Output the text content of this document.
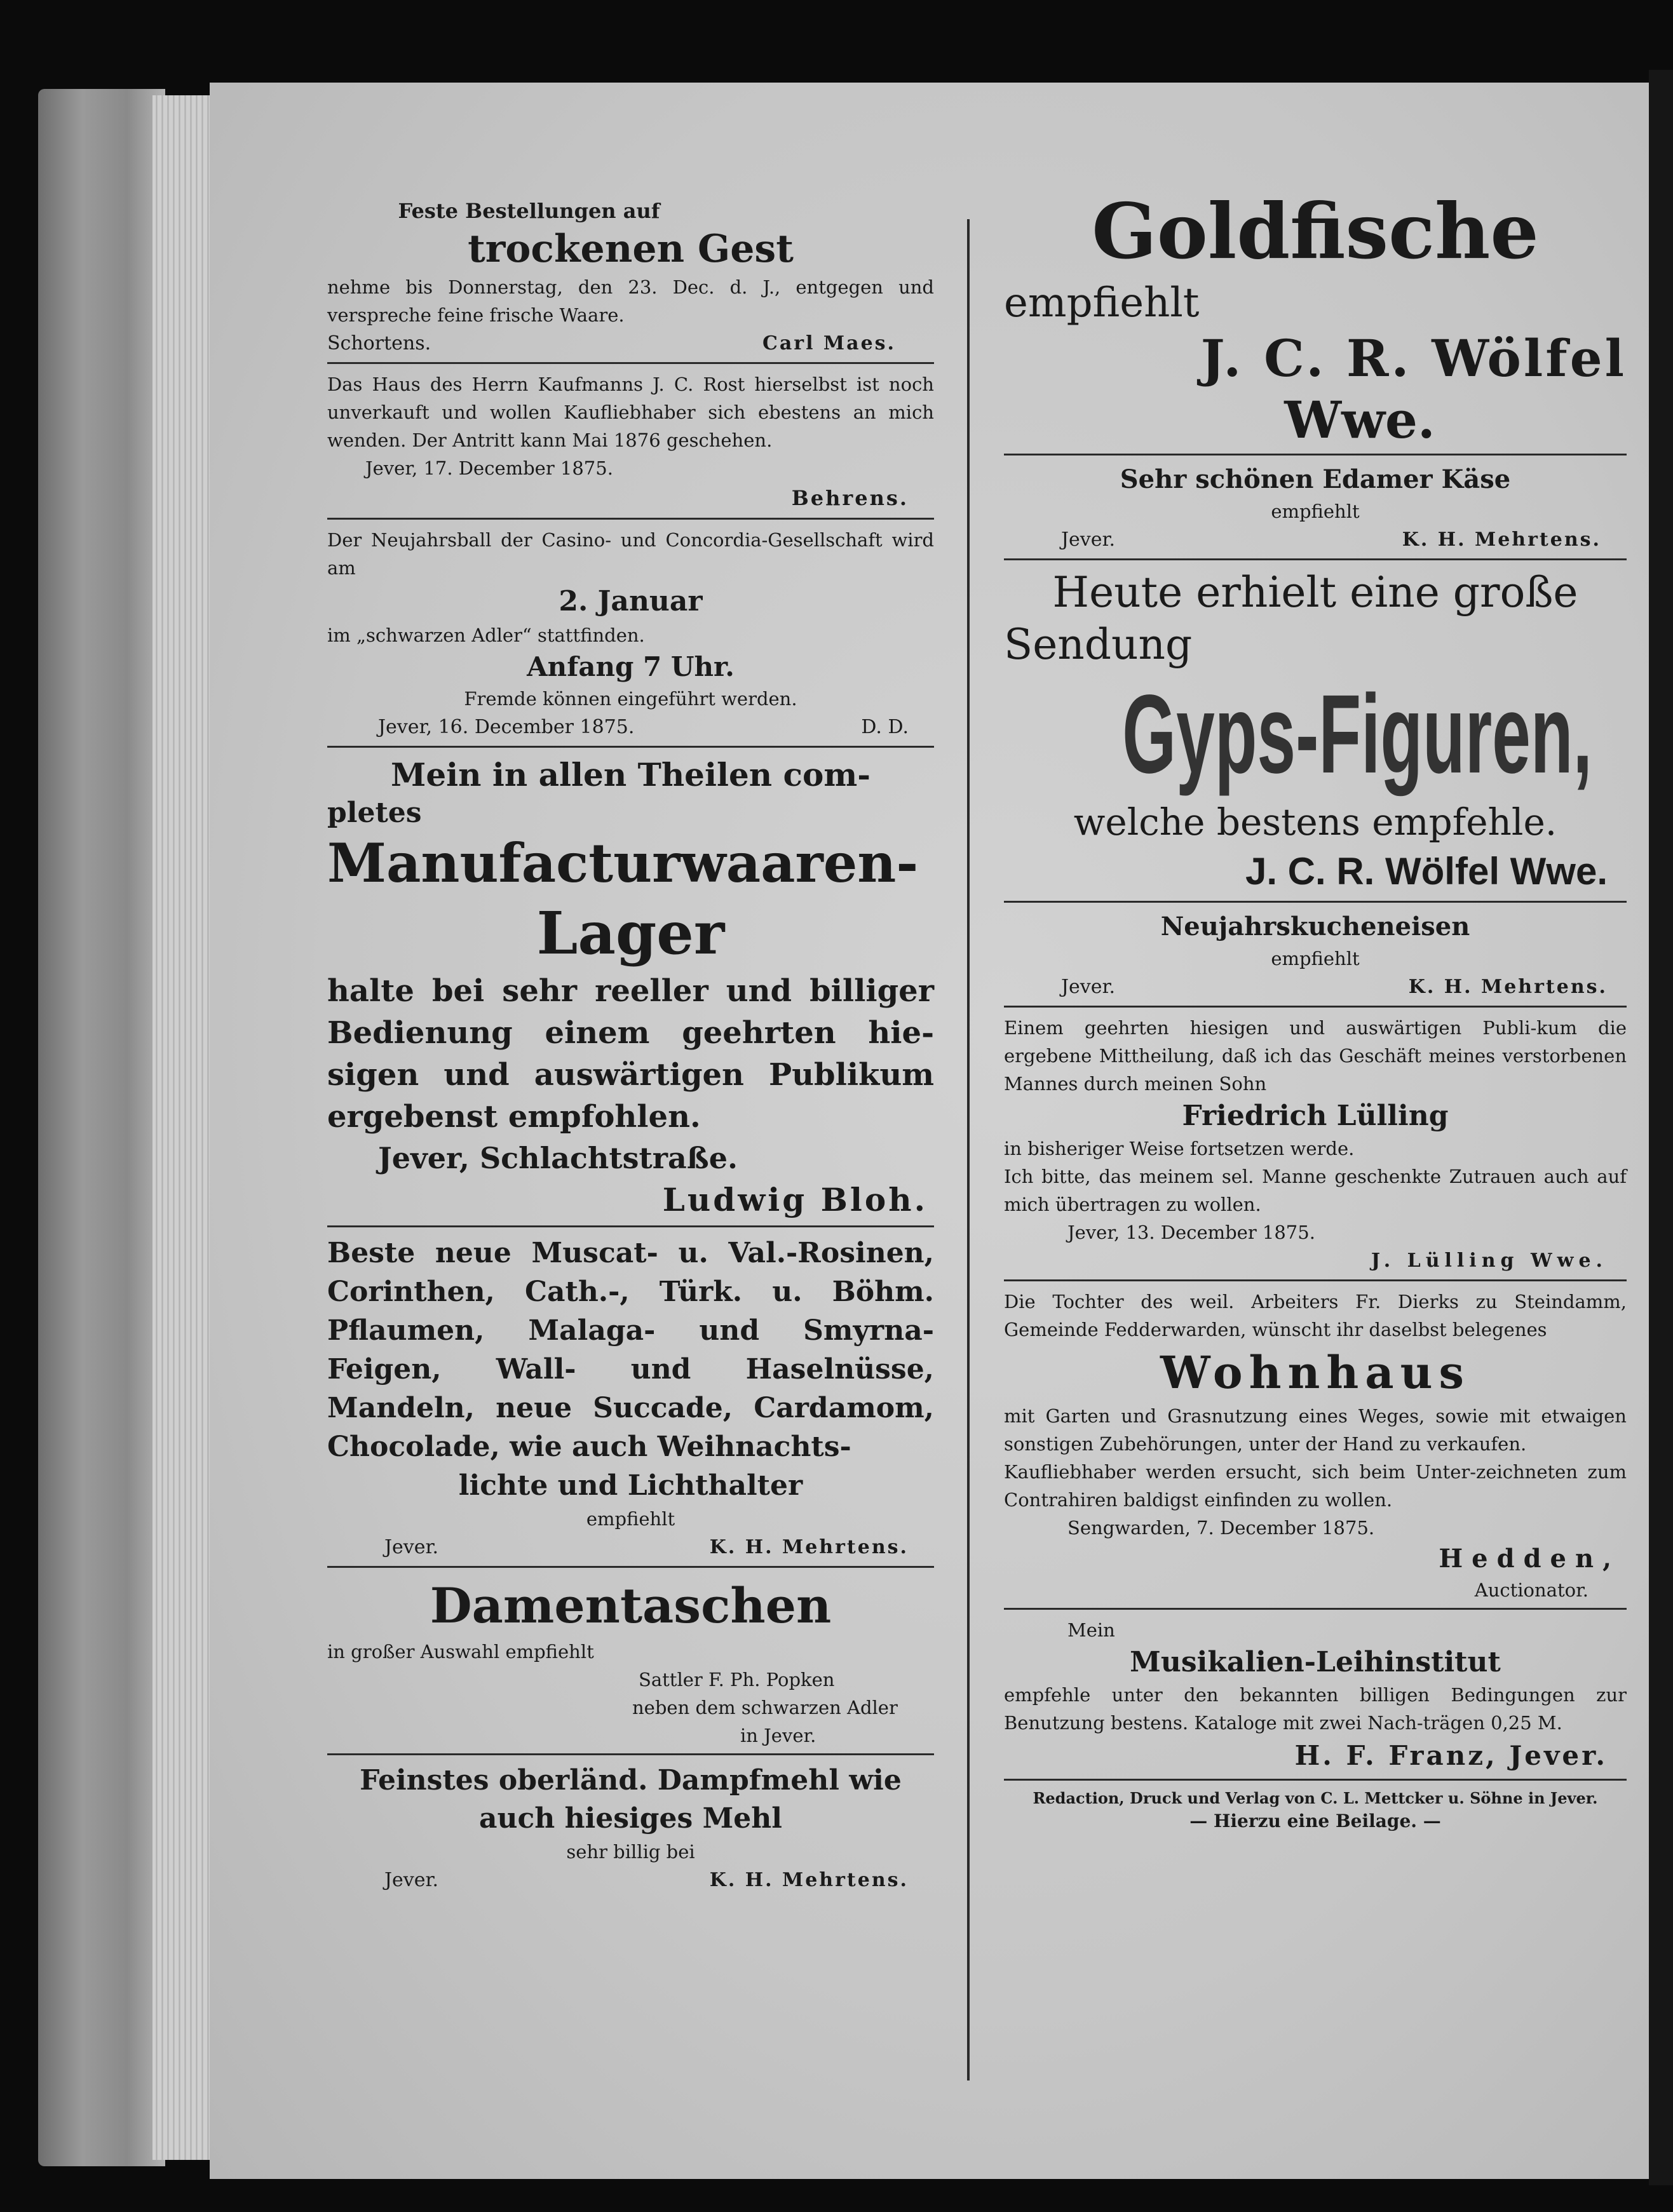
Feste Bestellungen auf
trockenen Gest
nehme bis Donnerstag, den 23. Dec. d. J., entgegen und verspreche feine frische Waare.
Schortens.	Carl Maes.
Das Haus des Herrn Kaufmanns J. C. Rost hierselbst ist noch unverkauft und wollen Kaufliebhaber sich ebestens an mich wenden. Der Antritt kann Mai 1876 geschehen.
Jever, 17. December 1875.
Behrens.
Der Neujahrsball der Casino- und Concordia-Gesellschaft wird am
2. Januar
im „schwarzen Adler“ stattfinden.
Anfang 7 Uhr.
Fremde können eingeführt werden.
Jever, 16. December 1875.	D. D.
Mein in allen Theilen com-
pletes
Manufacturwaaren-
Lager
halte bei sehr reeller und billiger Bedienung einem geehrten hie-sigen und auswärtigen Publikum ergebenst empfohlen.
Jever, Schlachtstraße.
Ludwig Bloh.
Beste neue Muscat- u. Val.-Rosinen, Corinthen, Cath.-, Türk. u. Böhm. Pflaumen, Malaga- und Smyrna-Feigen, Wall- und Haselnüsse, Mandeln, neue Succade, Cardamom, Chocolade, wie auch Weihnachts-
lichte und Lichthalter
empfiehlt
Jever.	K. H. Mehrtens.
Damentaschen
in großer Auswahl empfiehlt
Sattler F. Ph. Popken
neben dem schwarzen Adler
in Jever.
Feinstes oberländ. Dampfmehl wie
auch hiesiges Mehl
sehr billig bei
Jever.	K. H. Mehrtens.
Goldfische
empfiehlt
J. C. R. Wölfel
Wwe.
Sehr schönen Edamer Käse
empfiehlt
Jever.	K. H. Mehrtens.
Heute erhielt eine große
Sendung
Gyps-Figuren,
welche bestens empfehle.
J. C. R. Wölfel Wwe.
Neujahrskucheneisen
empfiehlt
Jever.	K. H. Mehrtens.
Einem geehrten hiesigen und auswärtigen Publi-kum die ergebene Mittheilung, daß ich das Geschäft meines verstorbenen Mannes durch meinen Sohn
Friedrich Lülling
in bisheriger Weise fortsetzen werde.
Ich bitte, das meinem sel. Manne geschenkte Zutrauen auch auf mich übertragen zu wollen.
Jever, 13. December 1875.
J. Lülling Wwe.
Die Tochter des weil. Arbeiters Fr. Dierks zu Steindamm, Gemeinde Fedderwarden, wünscht ihr daselbst belegenes
Wohnhaus
mit Garten und Grasnutzung eines Weges, sowie mit etwaigen sonstigen Zubehörungen, unter der Hand zu verkaufen.
Kaufliebhaber werden ersucht, sich beim Unter-zeichneten zum Contrahiren baldigst einfinden zu wollen.
Sengwarden, 7. December 1875.
Hedden,
Auctionator.
Mein
Musikalien-Leihinstitut
empfehle unter den bekannten billigen Bedingungen zur Benutzung bestens. Kataloge mit zwei Nach-trägen 0,25 M.
H. F. Franz, Jever.
Redaction, Druck und Verlag von C. L. Mettcker u. Söhne in Jever.
— Hierzu eine Beilage. —
